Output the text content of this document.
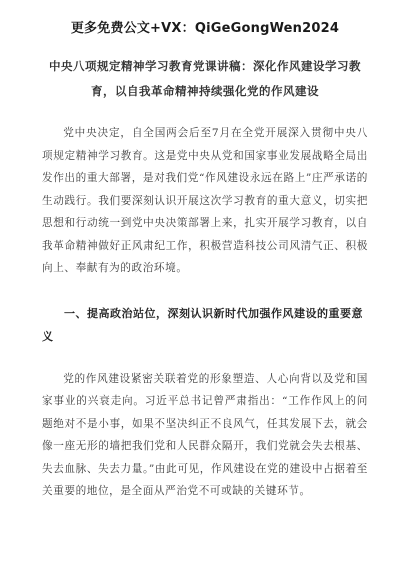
更多免费公文+VX：QiGeGongWen2024
中央八项规定精神学习教育党课讲稿：深化作风建设学习教育，以自我革命精神持续强化党的作风建设

党中央决定，自全国两会后至7月在全党开展深入贯彻中央八项规定精神学习教育。这是党中央从党和国家事业发展战略全局出发作出的重大部署，是对我们党“作风建设永远在路上”庄严承诺的生动践行。我们要深刻认识开展这次学习教育的重大意义，切实把思想和行动统一到党中央决策部署上来，扎实开展学习教育，以自我革命精神做好正风肃纪工作，积极营造科技公司风清气正、积极向上、奉献有为的政治环境。

一、提高政治站位，深刻认识新时代加强作风建设的重要意义

党的作风建设紧密关联着党的形象塑造、人心向背以及党和国家事业的兴衰走向。习近平总书记曾严肃指出：“工作作风上的问题绝对不是小事，如果不坚决纠正不良风气，任其发展下去，就会像一座无形的墙把我们党和人民群众隔开，我们党就会失去根基、失去血脉、失去力量。”由此可见，作风建设在党的建设中占据着至关重要的地位，是全面从严治党不可或缺的关键环节。
